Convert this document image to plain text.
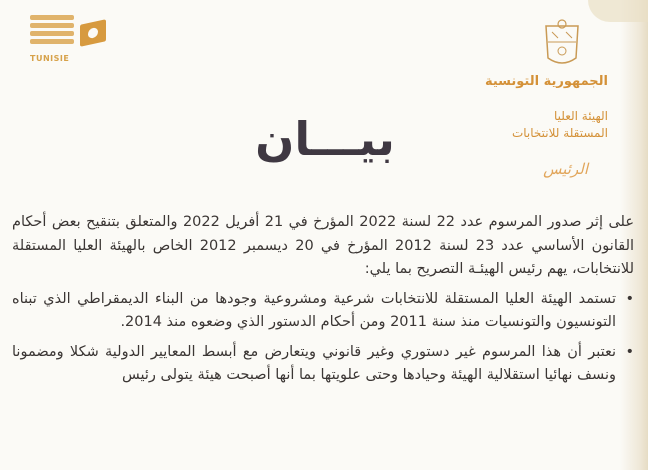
TUNISIE
الجمهورية التونسية
الهيئة العليا
المستقلة للانتخابات
الرئيس
بيـــان

على إثر صدور المرسوم عدد 22 لسنة 2022 المؤرخ في 21 أفريل 2022 والمتعلق بتنقيح بعض أحكام القانون الأساسي عدد 23 لسنة 2012 المؤرخ في 20 ديسمبر 2012 الخاص بالهيئة العليا المستقلة للانتخابات، يهم رئيس الهيئـة التصريح بما يلي:

• تستمد الهيئة العليا المستقلة للانتخابات شرعية ومشروعية وجودها من البناء الديمقراطي الذي تبناه التونسيون والتونسيات منذ سنة 2011 ومن أحكام الدستور الذي وضعوه منذ 2014.

• نعتبر أن هذا المرسوم غير دستوري وغير قانوني ويتعارض مع أبسط المعايير الدولية شكلا ومضمونا ونسف نهائيا استقلالية الهيئة وحيادها وحتى علويتها بما أنها أصبحت هيئة يتولى رئيس
